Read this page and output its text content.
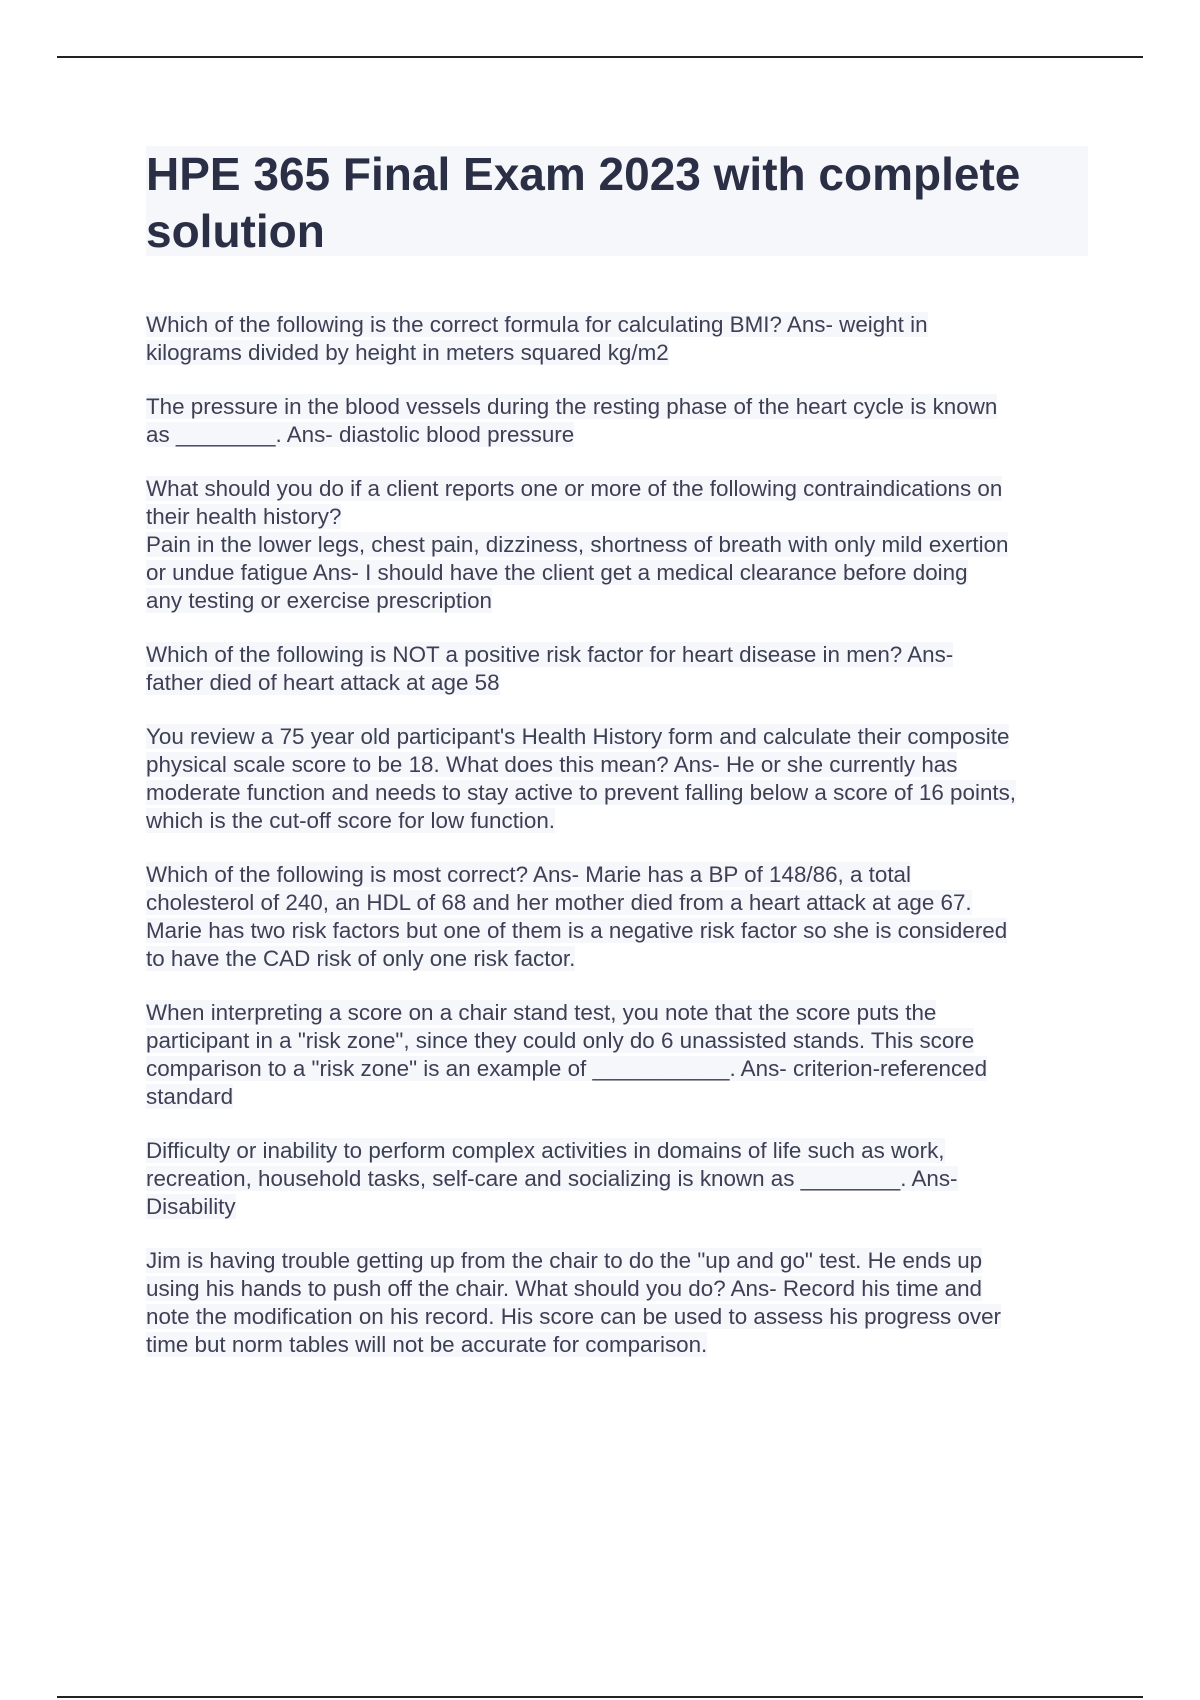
HPE 365 Final Exam 2023 with complete
solution

Which of the following is the correct formula for calculating BMI? Ans- weight in
kilograms divided by height in meters squared kg/m2

The pressure in the blood vessels during the resting phase of the heart cycle is known
as ________. Ans- diastolic blood pressure

What should you do if a client reports one or more of the following contraindications on
their health history?
Pain in the lower legs, chest pain, dizziness, shortness of breath with only mild exertion
or undue fatigue Ans- I should have the client get a medical clearance before doing
any testing or exercise prescription

Which of the following is NOT a positive risk factor for heart disease in men? Ans-
father died of heart attack at age 58

You review a 75 year old participant's Health History form and calculate their composite
physical scale score to be 18. What does this mean? Ans- He or she currently has
moderate function and needs to stay active to prevent falling below a score of 16 points,
which is the cut-off score for low function.

Which of the following is most correct? Ans- Marie has a BP of 148/86, a total
cholesterol of 240, an HDL of 68 and her mother died from a heart attack at age 67.
Marie has two risk factors but one of them is a negative risk factor so she is considered
to have the CAD risk of only one risk factor.

When interpreting a score on a chair stand test, you note that the score puts the
participant in a "risk zone", since they could only do 6 unassisted stands. This score
comparison to a "risk zone" is an example of ___________. Ans- criterion-referenced
standard

Difficulty or inability to perform complex activities in domains of life such as work,
recreation, household tasks, self-care and socializing is known as ________. Ans-
Disability

Jim is having trouble getting up from the chair to do the "up and go" test. He ends up
using his hands to push off the chair. What should you do? Ans- Record his time and
note the modification on his record. His score can be used to assess his progress over
time but norm tables will not be accurate for comparison.
